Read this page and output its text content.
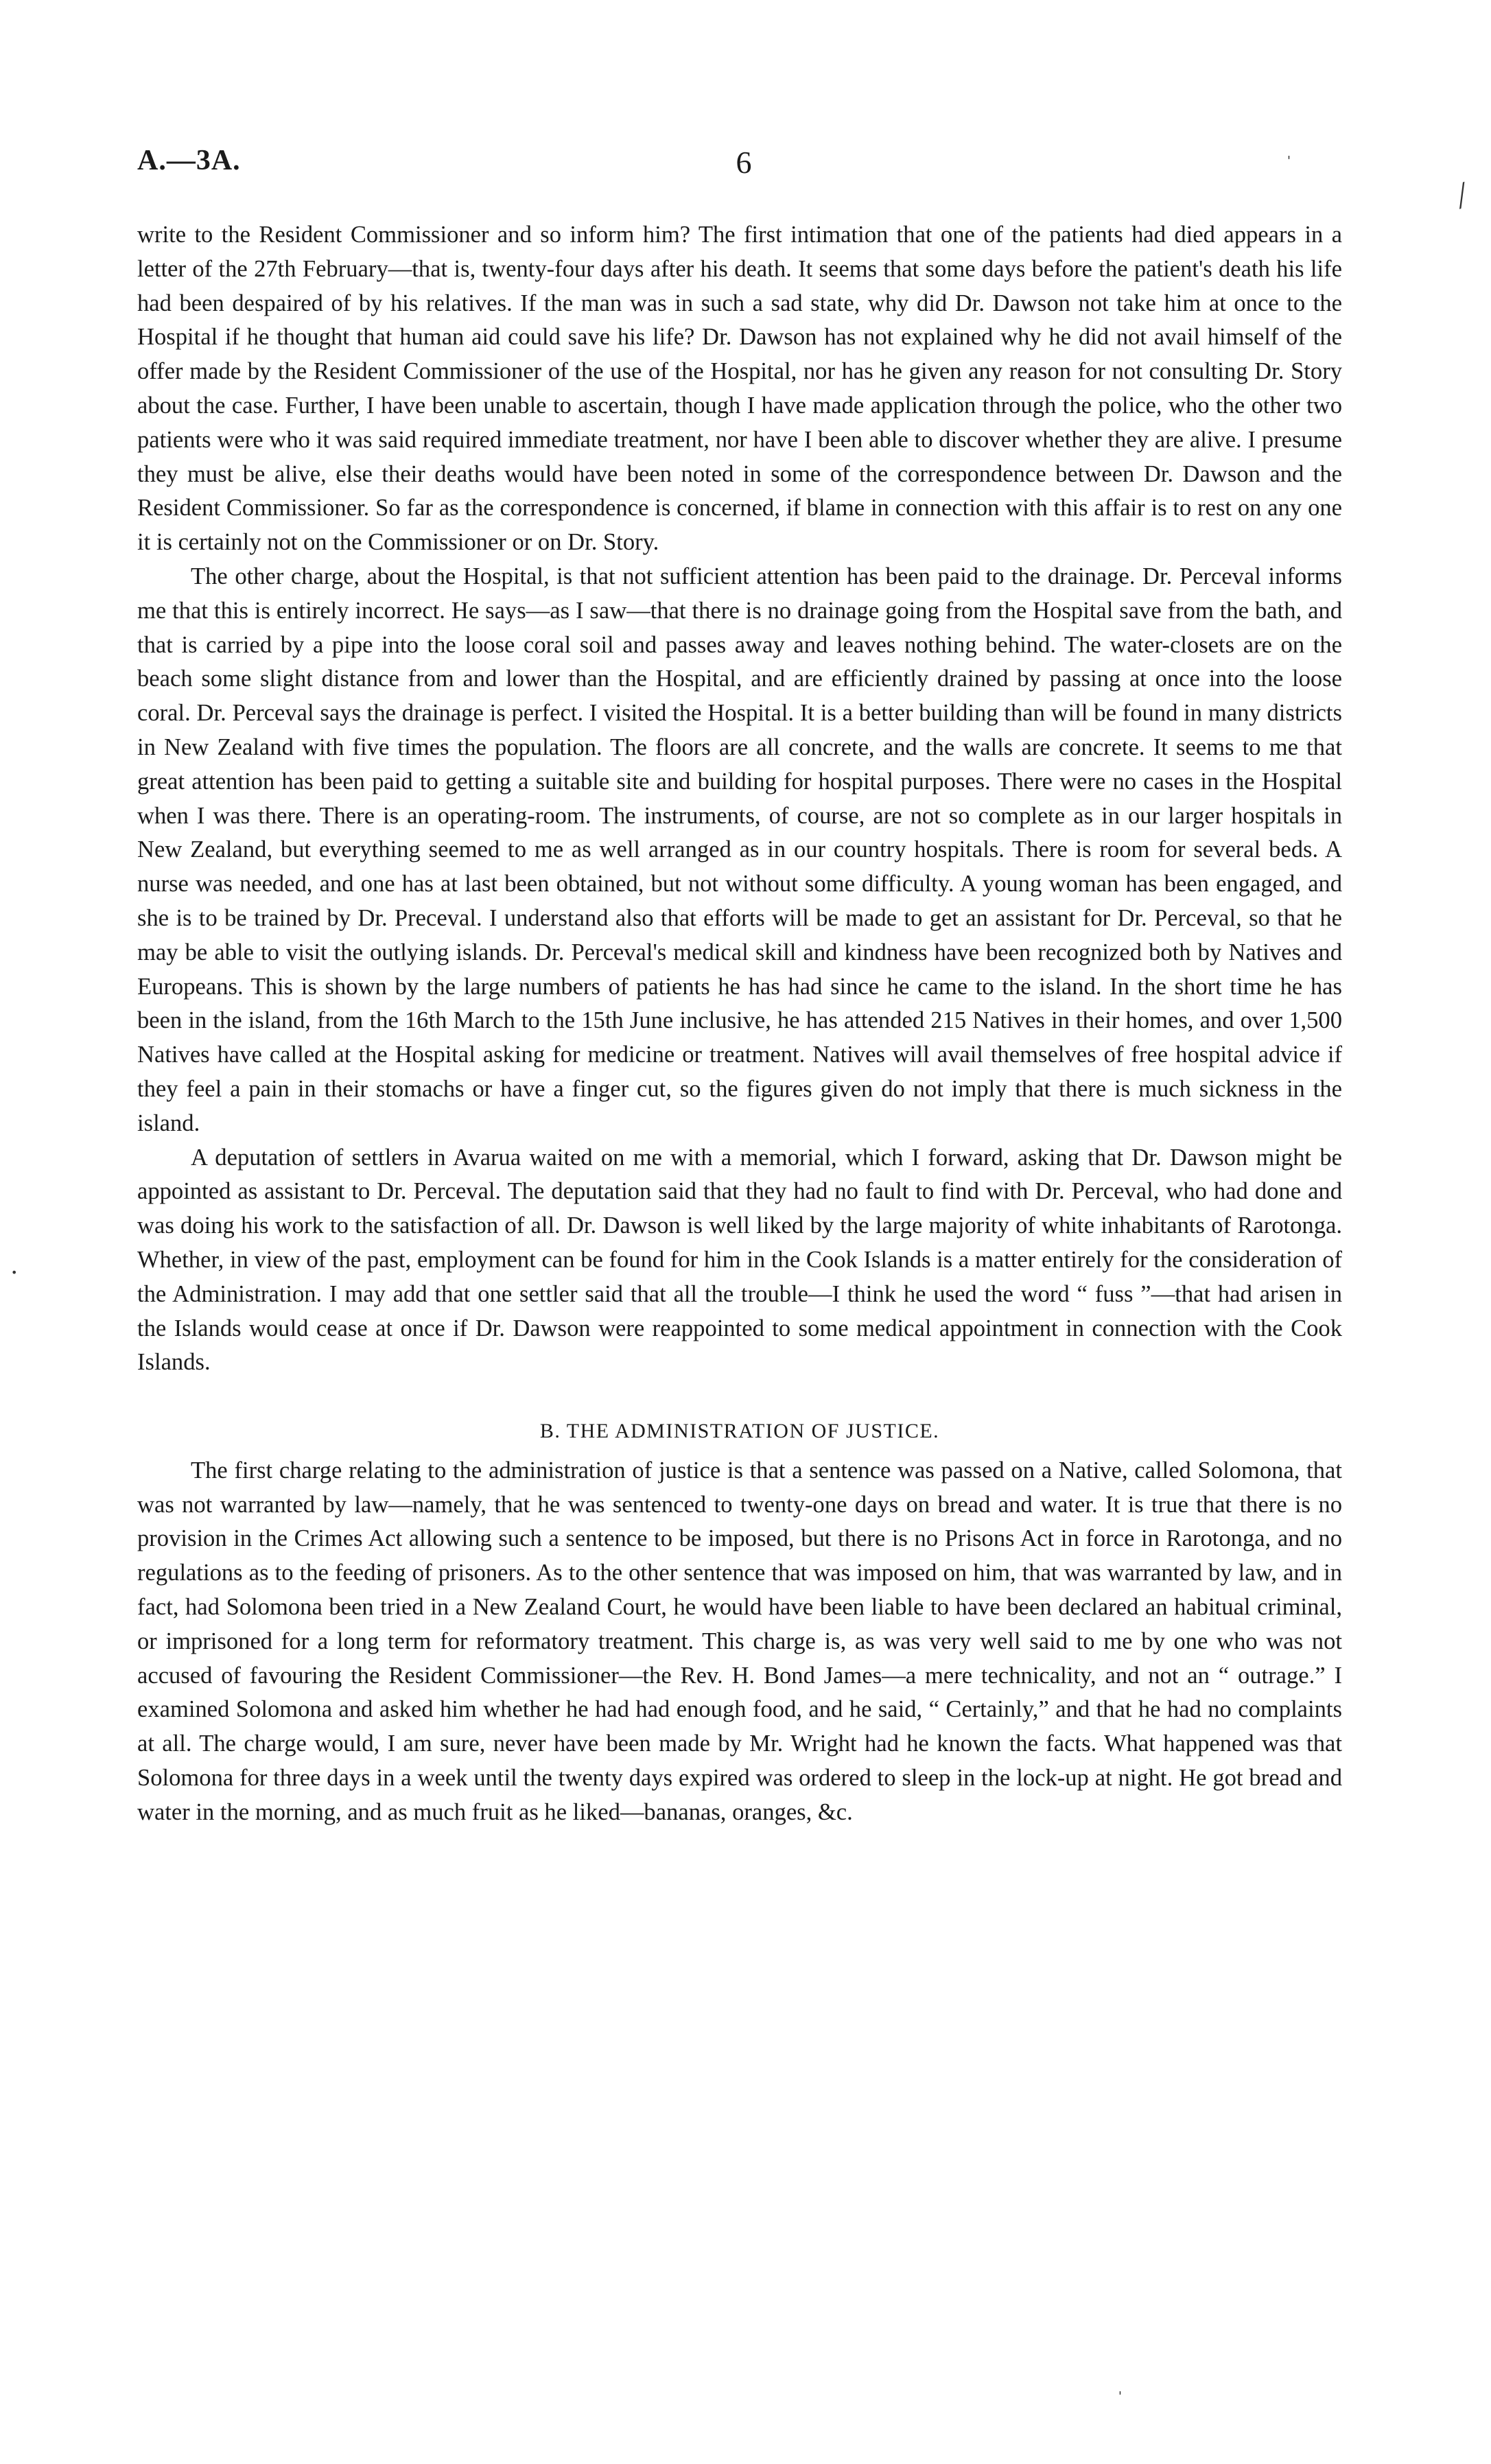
A.—3A.	6

write to the Resident Commissioner and so inform him? The first intimation that one of the patients had died appears in a letter of the 27th February—that is, twenty-four days after his death. It seems that some days before the patient's death his life had been despaired of by his relatives. If the man was in such a sad state, why did Dr. Dawson not take him at once to the Hospital if he thought that human aid could save his life? Dr. Dawson has not explained why he did not avail himself of the offer made by the Resident Commissioner of the use of the Hospital, nor has he given any reason for not consulting Dr. Story about the case. Further, I have been unable to ascertain, though I have made application through the police, who the other two patients were who it was said required immediate treatment, nor have I been able to discover whether they are alive. I presume they must be alive, else their deaths would have been noted in some of the correspondence between Dr. Dawson and the Resident Commissioner. So far as the correspondence is concerned, if blame in connection with this affair is to rest on any one it is certainly not on the Commissioner or on Dr. Story.

The other charge, about the Hospital, is that not sufficient attention has been paid to the drainage. Dr. Perceval informs me that this is entirely incorrect. He says—as I saw—that there is no drainage going from the Hospital save from the bath, and that is carried by a pipe into the loose coral soil and passes away and leaves nothing behind. The water-closets are on the beach some slight distance from and lower than the Hospital, and are efficiently drained by passing at once into the loose coral. Dr. Perceval says the drainage is perfect. I visited the Hospital. It is a better building than will be found in many districts in New Zealand with five times the population. The floors are all concrete, and the walls are concrete. It seems to me that great attention has been paid to getting a suitable site and building for hospital purposes. There were no cases in the Hospital when I was there. There is an operating-room. The instruments, of course, are not so complete as in our larger hospitals in New Zealand, but everything seemed to me as well arranged as in our country hospitals. There is room for several beds. A nurse was needed, and one has at last been obtained, but not without some difficulty. A young woman has been engaged, and she is to be trained by Dr. Preceval. I understand also that efforts will be made to get an assistant for Dr. Perceval, so that he may be able to visit the outlying islands. Dr. Perceval's medical skill and kindness have been recognized both by Natives and Europeans. This is shown by the large numbers of patients he has had since he came to the island. In the short time he has been in the island, from the 16th March to the 15th June inclusive, he has attended 215 Natives in their homes, and over 1,500 Natives have called at the Hospital asking for medicine or treatment. Natives will avail themselves of free hospital advice if they feel a pain in their stomachs or have a finger cut, so the figures given do not imply that there is much sickness in the island.

A deputation of settlers in Avarua waited on me with a memorial, which I forward, asking that Dr. Dawson might be appointed as assistant to Dr. Perceval. The deputation said that they had no fault to find with Dr. Perceval, who had done and was doing his work to the satisfaction of all. Dr. Dawson is well liked by the large majority of white inhabitants of Rarotonga. Whether, in view of the past, employment can be found for him in the Cook Islands is a matter entirely for the consideration of the Administration. I may add that one settler said that all the trouble—I think he used the word “ fuss ”—that had arisen in the Islands would cease at once if Dr. Dawson were reappointed to some medical appointment in connection with the Cook Islands.

B. THE ADMINISTRATION OF JUSTICE.

The first charge relating to the administration of justice is that a sentence was passed on a Native, called Solomona, that was not warranted by law—namely, that he was sentenced to twenty-one days on bread and water. It is true that there is no provision in the Crimes Act allowing such a sentence to be imposed, but there is no Prisons Act in force in Rarotonga, and no regulations as to the feeding of prisoners. As to the other sentence that was imposed on him, that was warranted by law, and in fact, had Solomona been tried in a New Zealand Court, he would have been liable to have been declared an habitual criminal, or imprisoned for a long term for reformatory treatment. This charge is, as was very well said to me by one who was not accused of favouring the Resident Commissioner—the Rev. H. Bond James—a mere technicality, and not an “ outrage.” I examined Solomona and asked him whether he had had enough food, and he said, “ Certainly,” and that he had no complaints at all. The charge would, I am sure, never have been made by Mr. Wright had he known the facts. What happened was that Solomona for three days in a week until the twenty days expired was ordered to sleep in the lock-up at night. He got bread and water in the morning, and as much fruit as he liked—bananas, oranges, &c.

╱
'
•
'
